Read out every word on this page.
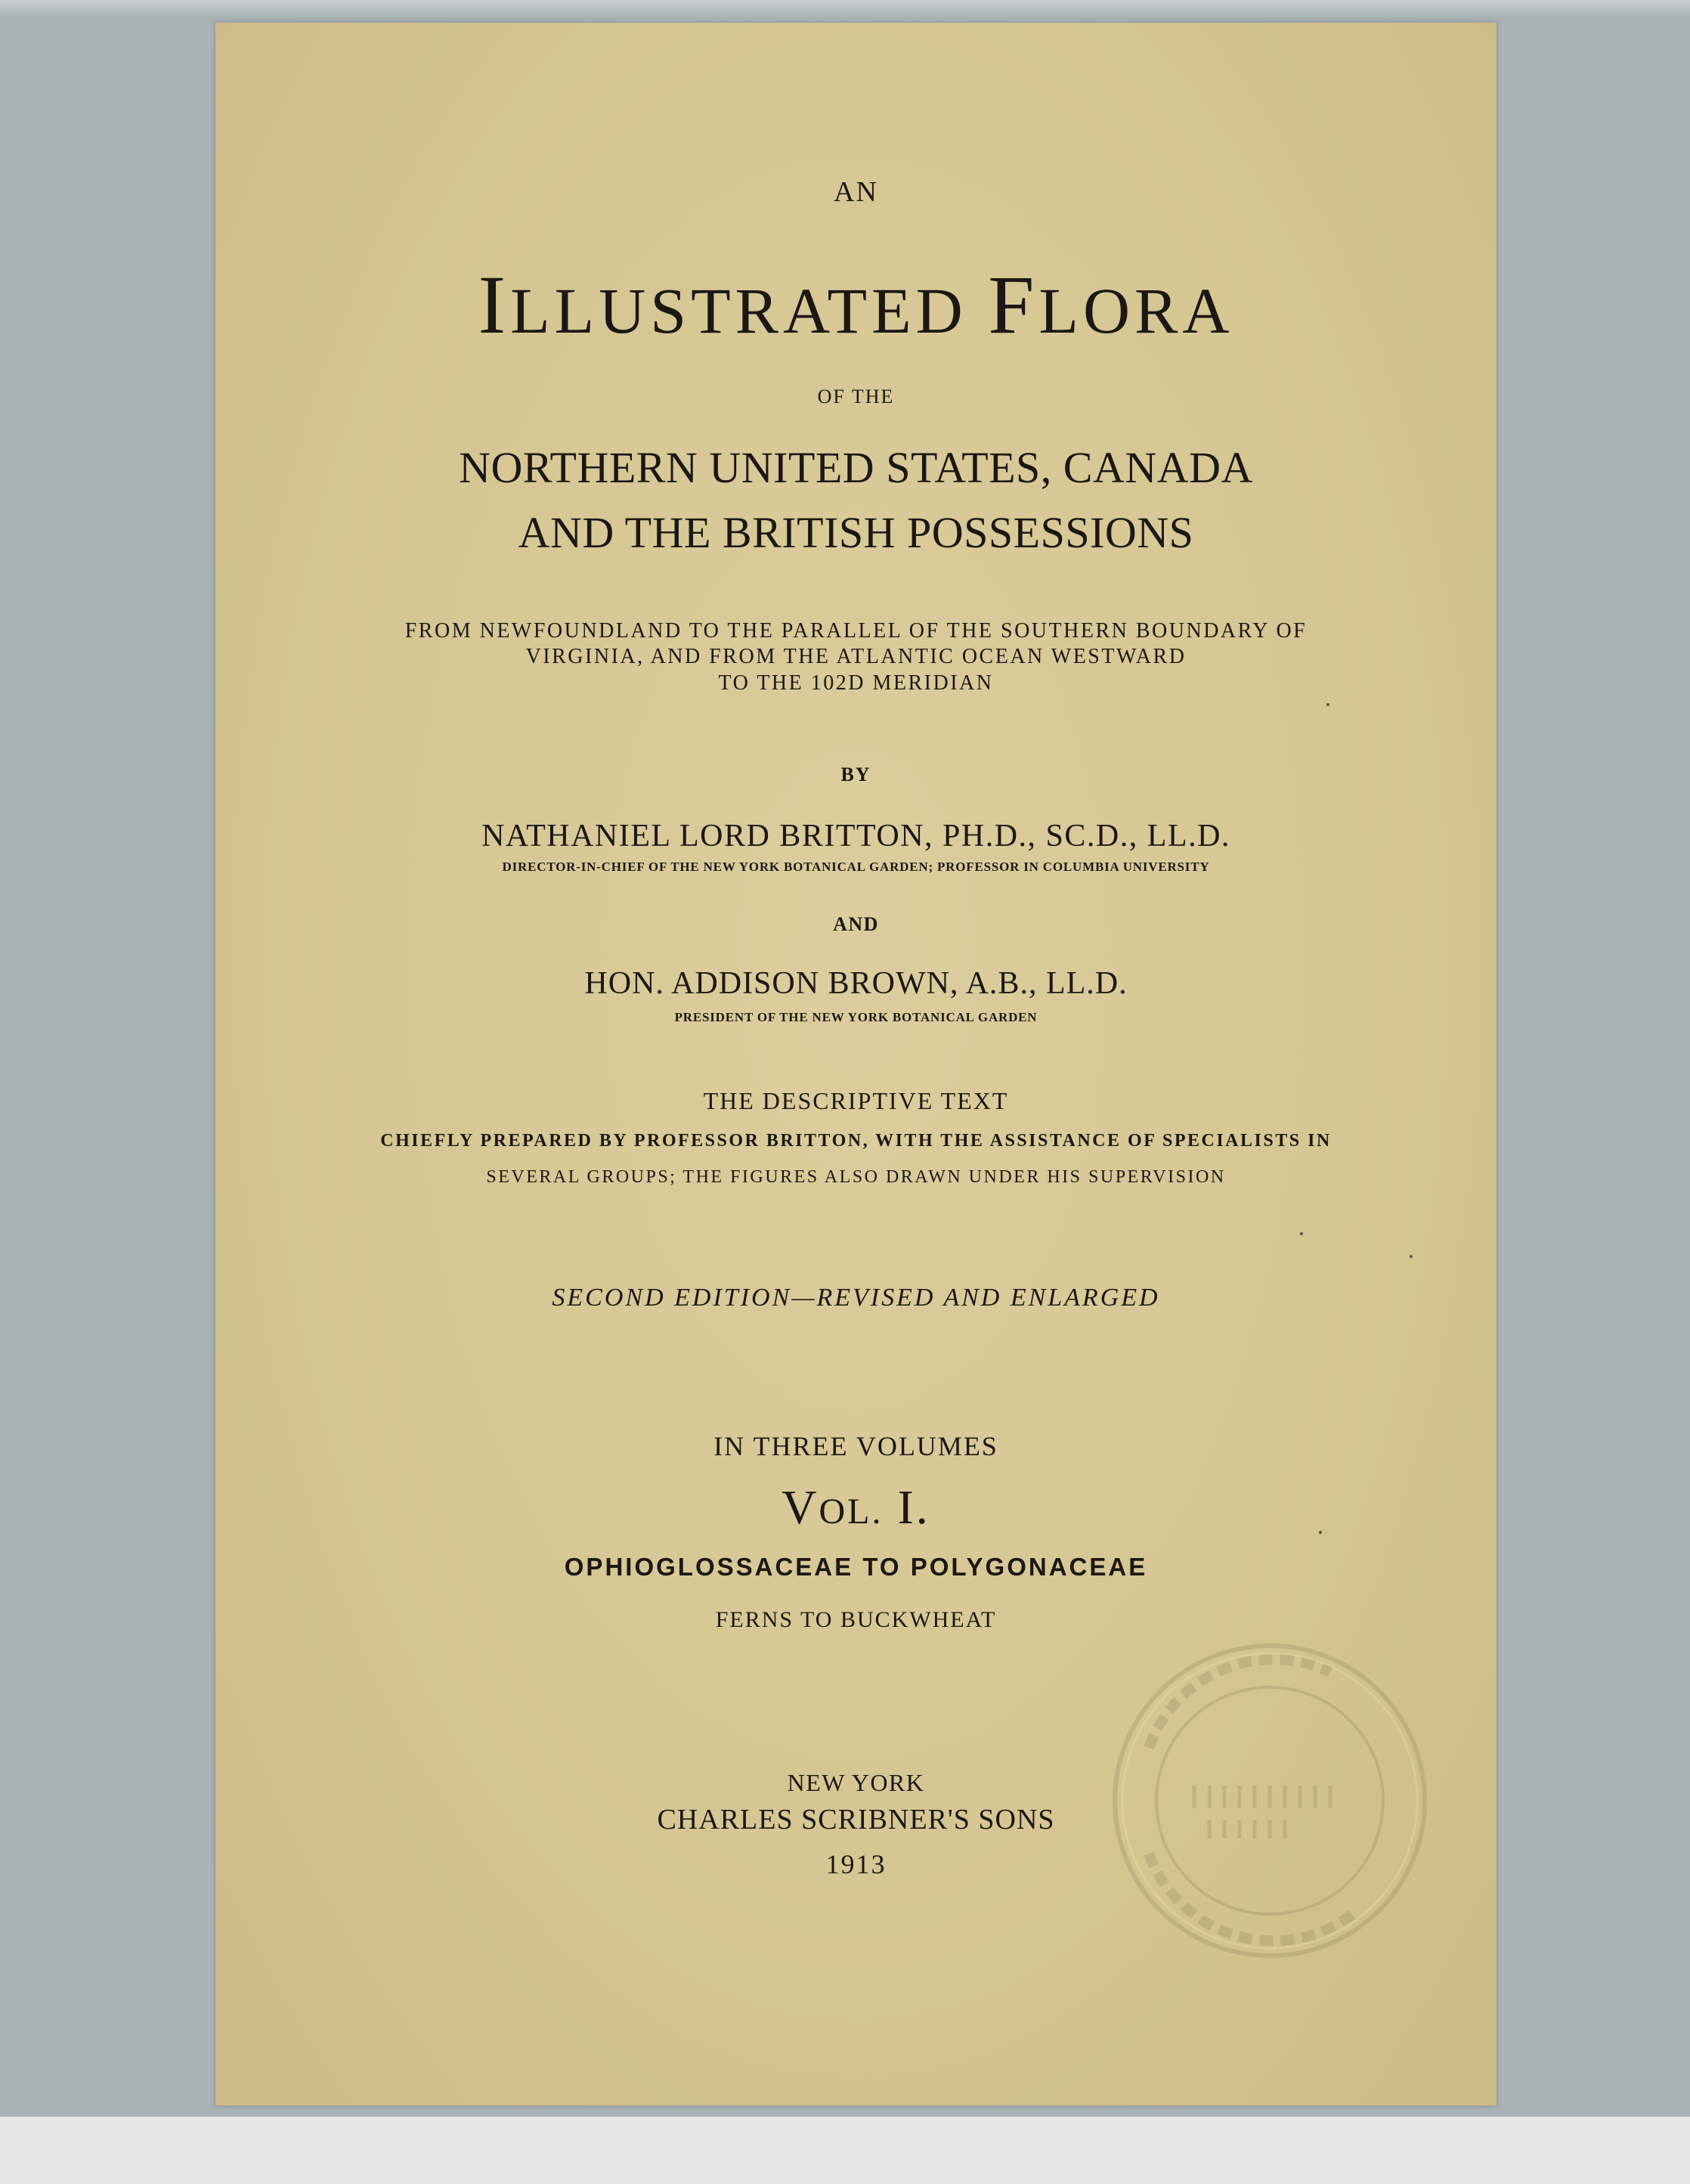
AN
ILLUSTRATED FLORA
OF THE
NORTHERN UNITED STATES, CANADA
AND THE BRITISH POSSESSIONS
FROM NEWFOUNDLAND TO THE PARALLEL OF THE SOUTHERN BOUNDARY OF
VIRGINIA, AND FROM THE ATLANTIC OCEAN WESTWARD
TO THE 102D MERIDIAN
BY
NATHANIEL LORD BRITTON, PH.D., SC.D., LL.D.
DIRECTOR-IN-CHIEF OF THE NEW YORK BOTANICAL GARDEN; PROFESSOR IN COLUMBIA UNIVERSITY
AND
HON. ADDISON BROWN, A.B., LL.D.
PRESIDENT OF THE NEW YORK BOTANICAL GARDEN
THE DESCRIPTIVE TEXT
CHIEFLY PREPARED BY PROFESSOR BRITTON, WITH THE ASSISTANCE OF SPECIALISTS IN
SEVERAL GROUPS; THE FIGURES ALSO DRAWN UNDER HIS SUPERVISION
SECOND EDITION—REVISED AND ENLARGED
IN THREE VOLUMES
VOL. I.
OPHIOGLOSSACEAE TO POLYGONACEAE
FERNS TO BUCKWHEAT
NEW YORK
CHARLES SCRIBNER'S SONS
1913
